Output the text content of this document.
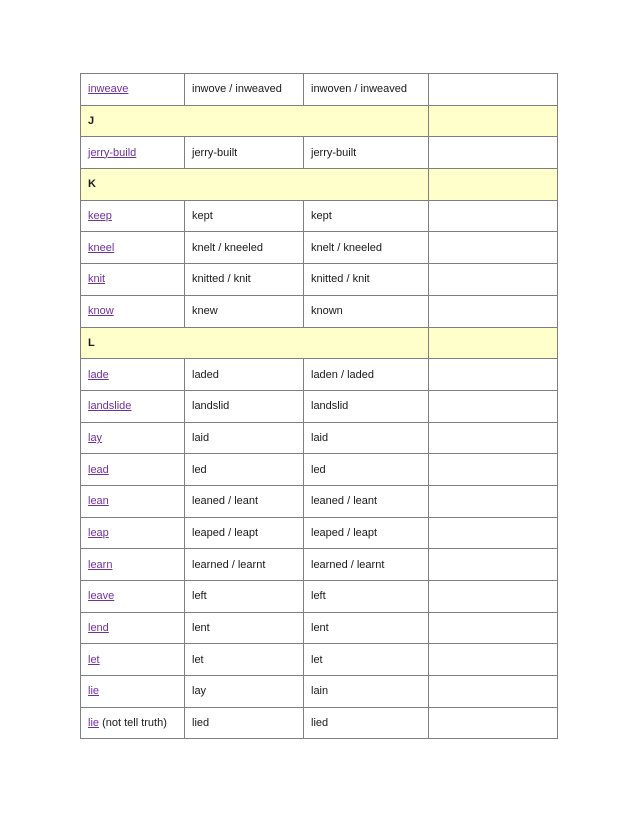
inweave	inwove / inweaved	inwoven / inweaved	
J			
jerry-build	jerry-built	jerry-built	
K			
keep	kept	kept	
kneel	knelt / kneeled	knelt / kneeled	
knit	knitted / knit	knitted / knit	
know	knew	known	
L			
lade	laded	laden / laded	
landslide	landslid	landslid	
lay	laid	laid	
lead	led	led	
lean	leaned / leant	leaned / leant	
leap	leaped / leapt	leaped / leapt	
learn	learned / learnt	learned / learnt	
leave	left	left	
lend	lent	lent	
let	let	let	
lie	lay	lain	
lie (not tell truth)	lied	lied	
